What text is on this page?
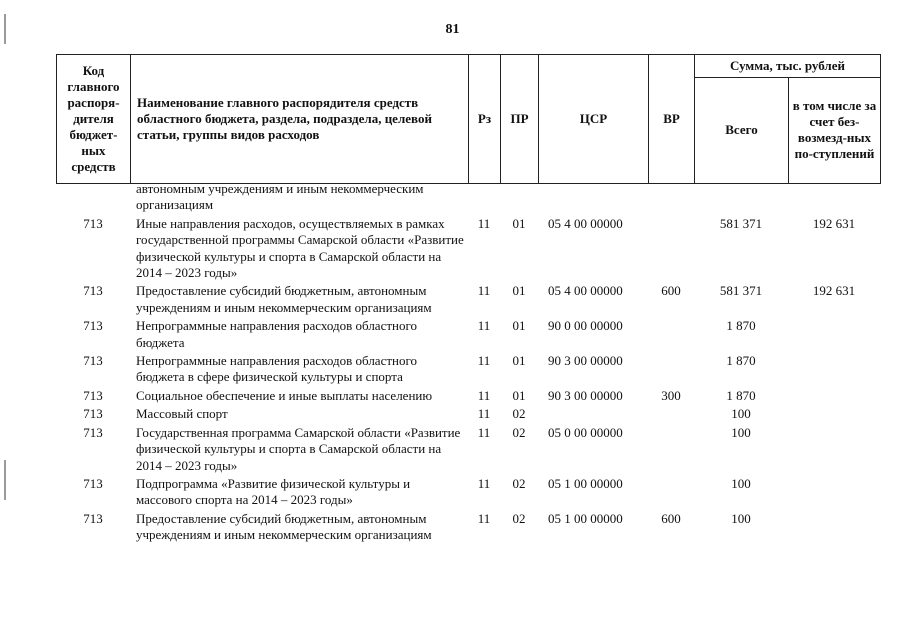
81
Код главного распоря-дителя бюджет-ных средств	Наименование главного распорядителя средств областного бюджета, раздела, подраздела, целевой статьи, группы видов расходов	Рз	ПР	ЦСР	ВР	Сумма, тыс. рублей	
						Всего	в том числе за счет без-возмезд-ных по-ступлений
	автономным учреждениям и иным некоммерческим организациям						
713	Иные направления расходов, осуществляемых в рамках государственной программы Самарской области «Развитие физической культуры и спорта в Самарской области на 2014 – 2023 годы»	11	01	05 4 00 00000		581 371	192 631
713	Предоставление субсидий бюджетным, автономным учреждениям и иным некоммерческим организациям	11	01	05 4 00 00000	600	581 371	192 631
713	Непрограммные направления расходов областного бюджета	11	01	90 0 00 00000		1 870	
713	Непрограммные направления расходов областного бюджета в сфере физической культуры и спорта	11	01	90 3 00 00000		1 870	
713	Социальное обеспечение и иные выплаты населению	11	01	90 3 00 00000	300	1 870	
713	Массовый спорт	11	02			100	
713	Государственная программа Самарской области «Развитие физической культуры и спорта в Самарской области на 2014 – 2023 годы»	11	02	05 0 00 00000		100	
713	Подпрограмма «Развитие физической культуры и массового спорта на 2014 – 2023 годы»	11	02	05 1 00 00000		100	
713	Предоставление субсидий бюджетным, автономным учреждениям и иным некоммерческим организациям	11	02	05 1 00 00000	600	100	
